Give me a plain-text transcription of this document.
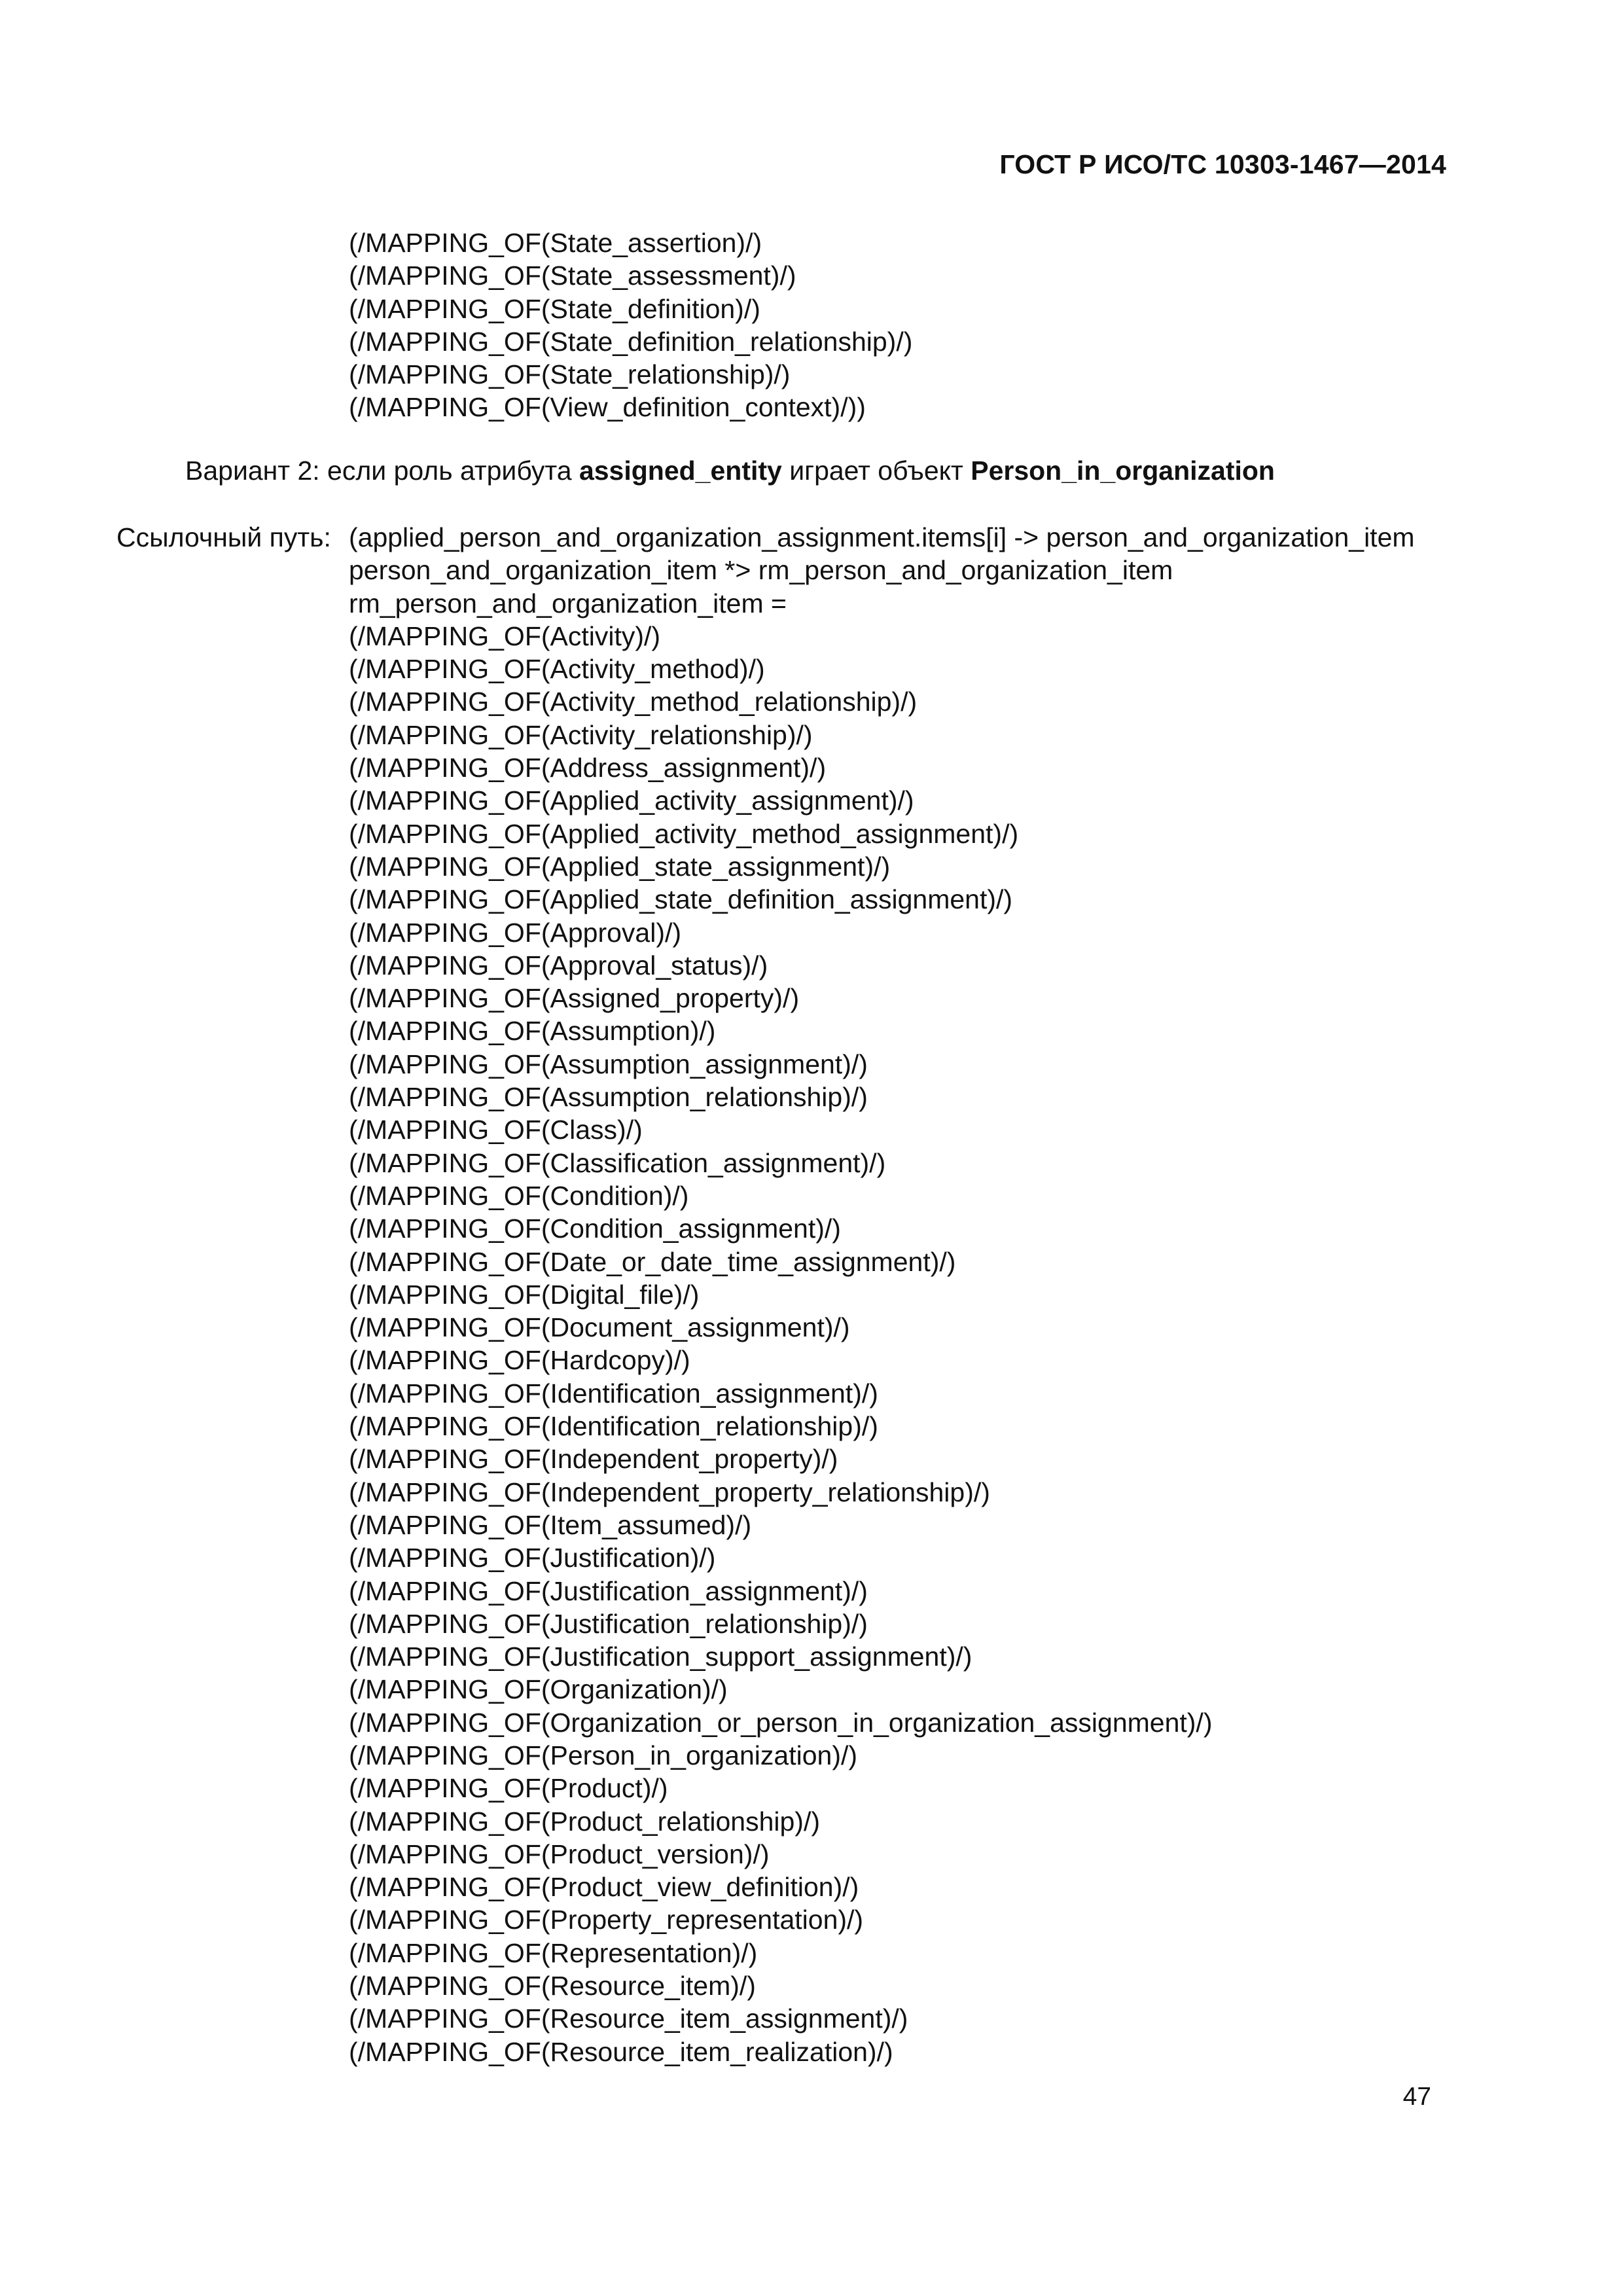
ГОСТ Р ИСО/ТС 10303-1467—2014
(/MAPPING_OF(State_assertion)/)
(/MAPPING_OF(State_assessment)/)
(/MAPPING_OF(State_definition)/)
(/MAPPING_OF(State_definition_relationship)/)
(/MAPPING_OF(State_relationship)/)
(/MAPPING_OF(View_definition_context)/))
Вариант 2: если роль атрибута assigned_entity играет объект Person_in_organization
Ссылочный путь: (applied_person_and_organization_assignment.items[i] -> person_and_organization_item
person_and_organization_item *> rm_person_and_organization_item
rm_person_and_organization_item =
(/MAPPING_OF(Activity)/)
(/MAPPING_OF(Activity_method)/)
(/MAPPING_OF(Activity_method_relationship)/)
(/MAPPING_OF(Activity_relationship)/)
(/MAPPING_OF(Address_assignment)/)
(/MAPPING_OF(Applied_activity_assignment)/)
(/MAPPING_OF(Applied_activity_method_assignment)/)
(/MAPPING_OF(Applied_state_assignment)/)
(/MAPPING_OF(Applied_state_definition_assignment)/)
(/MAPPING_OF(Approval)/)
(/MAPPING_OF(Approval_status)/)
(/MAPPING_OF(Assigned_property)/)
(/MAPPING_OF(Assumption)/)
(/MAPPING_OF(Assumption_assignment)/)
(/MAPPING_OF(Assumption_relationship)/)
(/MAPPING_OF(Class)/)
(/MAPPING_OF(Classification_assignment)/)
(/MAPPING_OF(Condition)/)
(/MAPPING_OF(Condition_assignment)/)
(/MAPPING_OF(Date_or_date_time_assignment)/)
(/MAPPING_OF(Digital_file)/)
(/MAPPING_OF(Document_assignment)/)
(/MAPPING_OF(Hardcopy)/)
(/MAPPING_OF(Identification_assignment)/)
(/MAPPING_OF(Identification_relationship)/)
(/MAPPING_OF(Independent_property)/)
(/MAPPING_OF(Independent_property_relationship)/)
(/MAPPING_OF(Item_assumed)/)
(/MAPPING_OF(Justification)/)
(/MAPPING_OF(Justification_assignment)/)
(/MAPPING_OF(Justification_relationship)/)
(/MAPPING_OF(Justification_support_assignment)/)
(/MAPPING_OF(Organization)/)
(/MAPPING_OF(Organization_or_person_in_organization_assignment)/)
(/MAPPING_OF(Person_in_organization)/)
(/MAPPING_OF(Product)/)
(/MAPPING_OF(Product_relationship)/)
(/MAPPING_OF(Product_version)/)
(/MAPPING_OF(Product_view_definition)/)
(/MAPPING_OF(Property_representation)/)
(/MAPPING_OF(Representation)/)
(/MAPPING_OF(Resource_item)/)
(/MAPPING_OF(Resource_item_assignment)/)
(/MAPPING_OF(Resource_item_realization)/)
47
